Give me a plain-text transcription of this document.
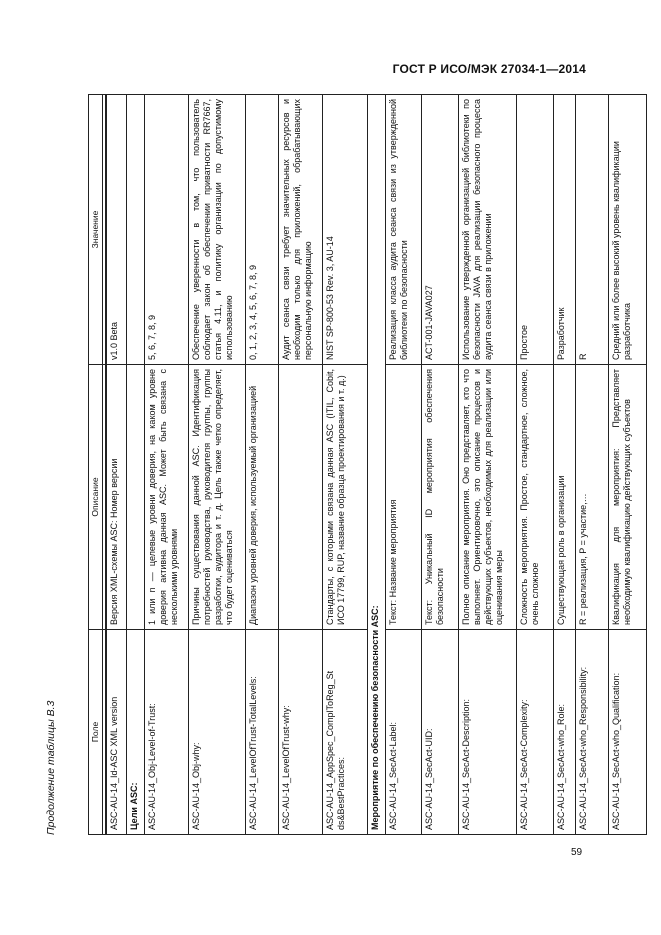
ГОСТ Р ИСО/МЭК 27034-1—2014
Продолжение таблицы В.3	Поле	Описание	Значение

ASC-AU-14_Id-ASC XML version	Версия XML-схемы ASC: Номер версии	v1.0 Beta
Цели ASC:		
ASC-AU-14_Obj-Level-of-Trust:	1 или n — целевые уровни доверия, на каком уровне доверия активна данная ASC. Может быть связана с несколькими уровнями	5, 6, 7, 8, 9
ASC-AU-14_Obj-why:	Причины существования данной ASC. Идентификация потребностей руководства, руководителя группы, группы разработки, аудитора и т. д. Цель также четко определяет, что будет оцениваться	Обеспечение уверенности в том, что пользователь соблюдает закон об обеспечении приватности RR7667, статья 4.11, и политику организации по допустимому использованию
ASC-AU-14_LevelOfTrust-TotalLevels:	Диапазон уровней доверия, используемый организацией	0, 1, 2, 3, 4, 5, 6, 7, 8, 9
ASC-AU-14_LevelOfTrust-why:		Аудит сеанса связи требует значительных ресурсов и необходим только для приложений, обрабатывающих персональную информацию
ASC-AU-14_AppSpec_ComplToReg_St ds&BestPractices:	Стандарты, с которыми связана данная ASC (ITIL, Cobit, ИСО 17799, RUP, название образца проектирования и т. д.)	NIST SP-800-53 Rev. 3, AU-14
Мероприятие по обеспечению безопасности ASC:		
ASC-AU-14_SecAct-Label:	Текст: Название мероприятия	Реализация класса аудита сеанса связи из утвержденной библиотеки по безопасности
ASC-AU-14_SecAct-UID:	Текст: Уникальный ID мероприятия обеспечения безопасности	ACT-001-JAVA027
ASC-AU-14_SecAct-Description:	Полное описание мероприятия. Оно представляет, кто что выполняет. Ориентировочно, это описание процессов и действующих субъектов, необходимых для реализации или оценивания меры	Использование утвержденной организацией библиотеки по безопасности JAVA для реализации безопасного процесса аудита сеанса связи в приложении
ASC-AU-14_SecAct-Complexity:	Сложность мероприятия. Простое, стандартное, сложное, очень сложное	Простое
ASC-AU-14_SecAct-who_Role:	Существующая роль в организации	Разработчик
ASC-AU-14_SecAct-who_Responsibility:	R = реализация, P = участие,…	R
ASC-AU-14_SecAct-who_Qualification:	Квалификация для мероприятия: Представляет необходимую квалификацию действующих субъектов	Средний или более высокий уровень квалификации разработчика
59
